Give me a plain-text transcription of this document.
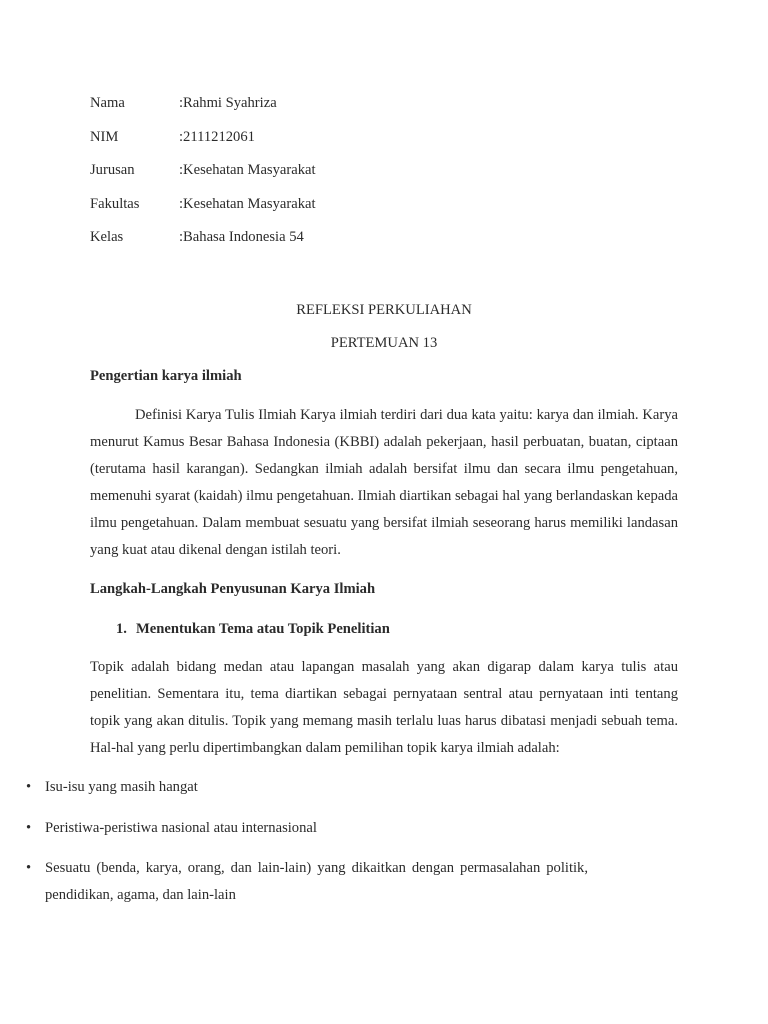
Nama	:Rahmi Syahriza
NIM	:2111212061
Jurusan	:Kesehatan Masyarakat
Fakultas	:Kesehatan Masyarakat
Kelas	:Bahasa Indonesia 54
REFLEKSI PERKULIAHAN
PERTEMUAN 13
Pengertian karya ilmiah

Definisi Karya Tulis Ilmiah Karya ilmiah terdiri dari dua kata yaitu: karya dan ilmiah. Karya menurut Kamus Besar Bahasa Indonesia (KBBI) adalah pekerjaan, hasil perbuatan, buatan, ciptaan (terutama hasil karangan). Sedangkan ilmiah adalah bersifat ilmu dan secara ilmu pengetahuan, memenuhi syarat (kaidah) ilmu pengetahuan. Ilmiah diartikan sebagai hal yang berlandaskan kepada ilmu pengetahuan. Dalam membuat sesuatu yang bersifat ilmiah seseorang harus memiliki landasan yang kuat atau dikenal dengan istilah teori.

Langkah-Langkah Penyusunan Karya Ilmiah
1. Menentukan Tema atau Topik Penelitian

Topik adalah bidang medan atau lapangan masalah yang akan digarap dalam karya tulis atau penelitian. Sementara itu, tema diartikan sebagai pernyataan sentral atau pernyataan inti tentang topik yang akan ditulis. Topik yang memang masih terlalu luas harus dibatasi menjadi sebuah tema. Hal-hal yang perlu dipertimbangkan dalam pemilihan topik karya ilmiah adalah:

• Isu-isu yang masih hangat
• Peristiwa-peristiwa nasional atau internasional
• Sesuatu (benda, karya, orang, dan lain-lain) yang dikaitkan dengan permasalahan politik, pendidikan, agama, dan lain-lain
